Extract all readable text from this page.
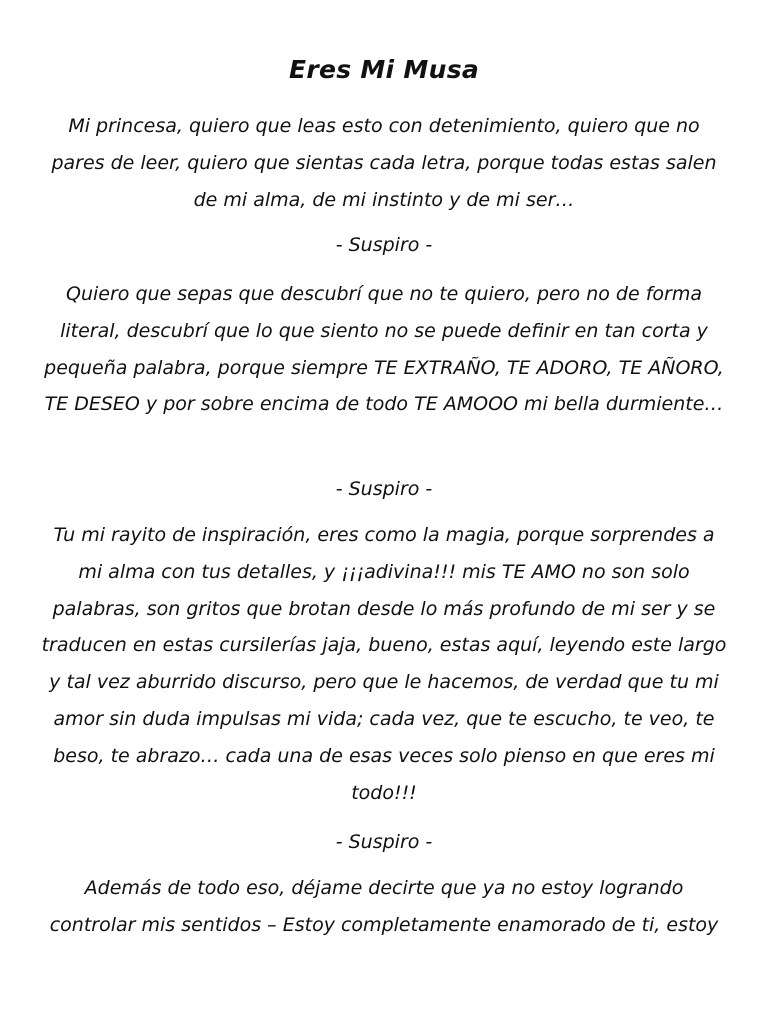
Eres Mi Musa

Mi princesa, quiero que leas esto con detenimiento, quiero que no pares de leer, quiero que sientas cada letra, porque todas estas salen de mi alma, de mi instinto y de mi ser…

- Suspiro -

Quiero que sepas que descubrí que no te quiero, pero no de forma literal, descubrí que lo que siento no se puede definir en tan corta y pequeña palabra, porque siempre TE EXTRAÑO, TE ADORO, TE AÑORO, TE DESEO y por sobre encima de todo TE AMOOO mi bella durmiente…

- Suspiro -

Tu mi rayito de inspiración, eres como la magia, porque sorprendes a mi alma con tus detalles, y ¡¡¡adivina!!! mis TE AMO no son solo palabras, son gritos que brotan desde lo más profundo de mi ser y se traducen en estas cursilerías jaja, bueno, estas aquí, leyendo este largo y tal vez aburrido discurso, pero que le hacemos, de verdad que tu mi amor sin duda impulsas mi vida; cada vez, que te escucho, te veo, te beso, te abrazo… cada una de esas veces solo pienso en que eres mi todo!!!

- Suspiro -

Además de todo eso, déjame decirte que ya no estoy logrando controlar mis sentidos – Estoy completamente enamorado de ti, estoy
